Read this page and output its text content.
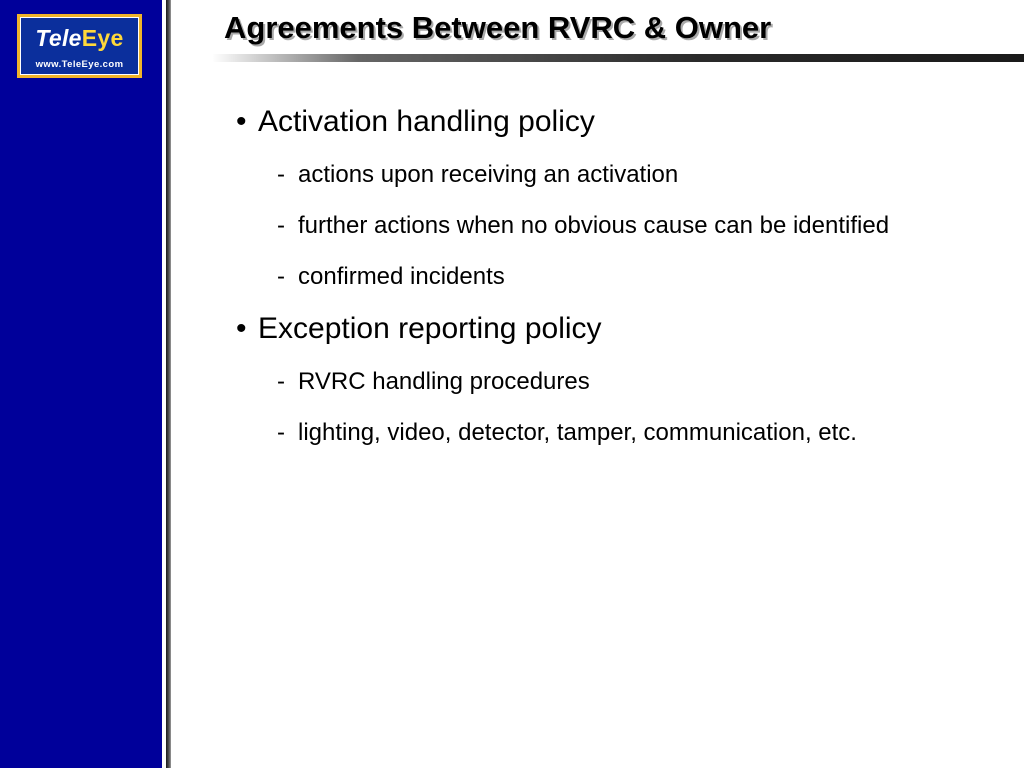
TeleEye
www.TeleEye.com
Agreements Between RVRC & Owner
• Activation handling policy
- actions upon receiving an activation
- further actions when no obvious cause can be identified
- confirmed incidents
• Exception reporting policy
- RVRC handling procedures
- lighting, video, detector, tamper, communication, etc.
